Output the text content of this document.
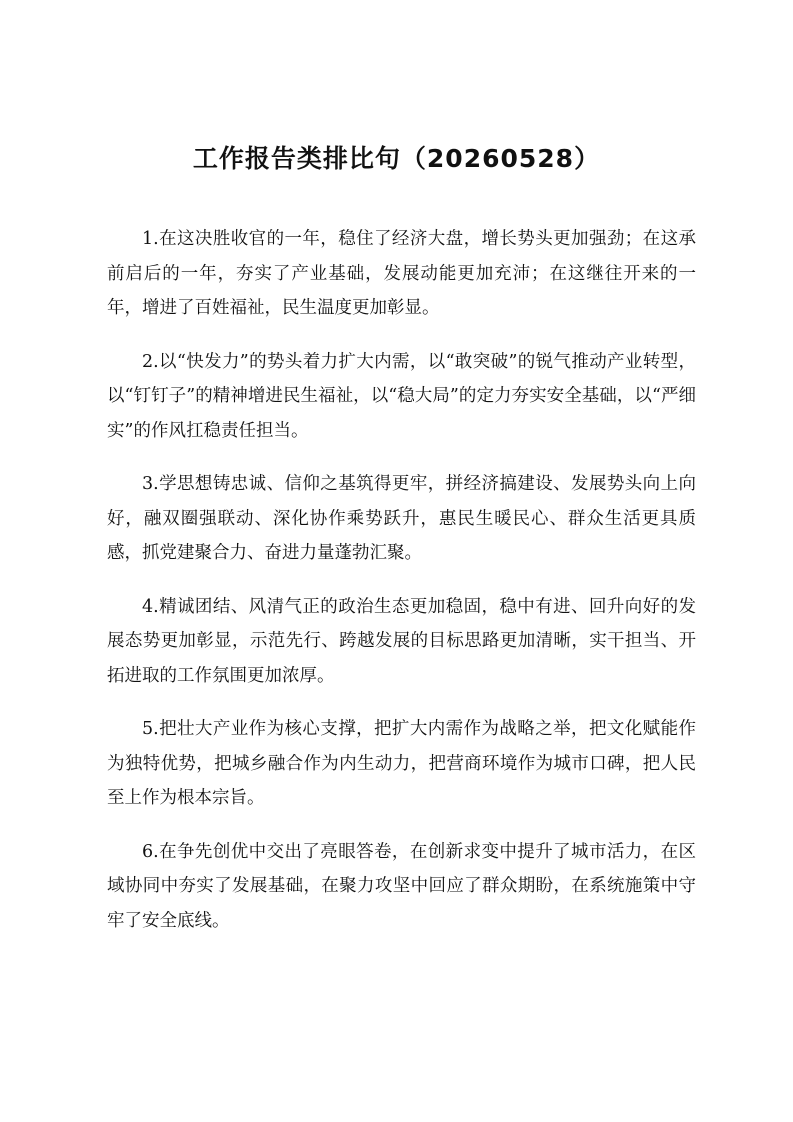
工作报告类排比句（20260528）

1.在这决胜收官的一年，稳住了经济大盘，增长势头更加强劲；在这承前启后的一年，夯实了产业基础，发展动能更加充沛；在这继往开来的一年，增进了百姓福祉，民生温度更加彰显。

2.以“快发力”的势头着力扩大内需，以“敢突破”的锐气推动产业转型，以“钉钉子”的精神增进民生福祉，以“稳大局”的定力夯实安全基础，以“严细实”的作风扛稳责任担当。

3.学思想铸忠诚、信仰之基筑得更牢，拼经济搞建设、发展势头向上向好，融双圈强联动、深化协作乘势跃升，惠民生暖民心、群众生活更具质感，抓党建聚合力、奋进力量蓬勃汇聚。

4.精诚团结、风清气正的政治生态更加稳固，稳中有进、回升向好的发展态势更加彰显，示范先行、跨越发展的目标思路更加清晰，实干担当、开拓进取的工作氛围更加浓厚。

5.把壮大产业作为核心支撑，把扩大内需作为战略之举，把文化赋能作为独特优势，把城乡融合作为内生动力，把营商环境作为城市口碑，把人民至上作为根本宗旨。

6.在争先创优中交出了亮眼答卷，在创新求变中提升了城市活力，在区域协同中夯实了发展基础，在聚力攻坚中回应了群众期盼，在系统施策中守牢了安全底线。
